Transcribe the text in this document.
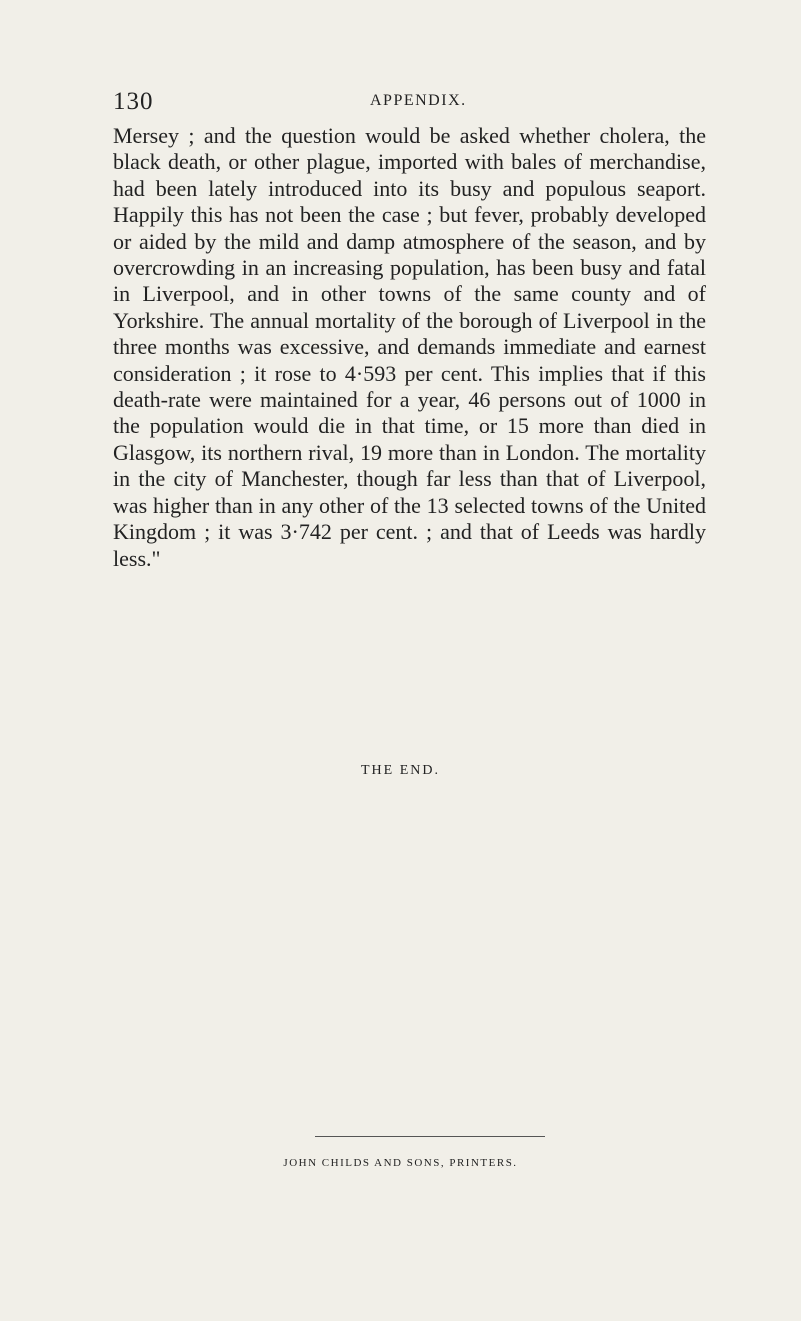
130	APPENDIX.

Mersey ; and the question would be asked whether cholera, the black death, or other plague, imported with bales of merchandise, had been lately introduced into its busy and populous seaport. Happily this has not been the case ; but fever, probably developed or aided by the mild and damp atmosphere of the season, and by overcrowding in an increasing population, has been busy and fatal in Liverpool, and in other towns of the same county and of Yorkshire. The annual mortality of the borough of Liverpool in the three months was excessive, and demands immediate and earnest consideration ; it rose to 4·593 per cent. This implies that if this death-rate were maintained for a year, 46 persons out of 1000 in the population would die in that time, or 15 more than died in Glasgow, its northern rival, 19 more than in London. The mortality in the city of Manchester, though far less than that of Liverpool, was higher than in any other of the 13 selected towns of the United Kingdom ; it was 3·742 per cent. ; and that of Leeds was hardly less."

THE END.
JOHN CHILDS AND SONS, PRINTERS.
